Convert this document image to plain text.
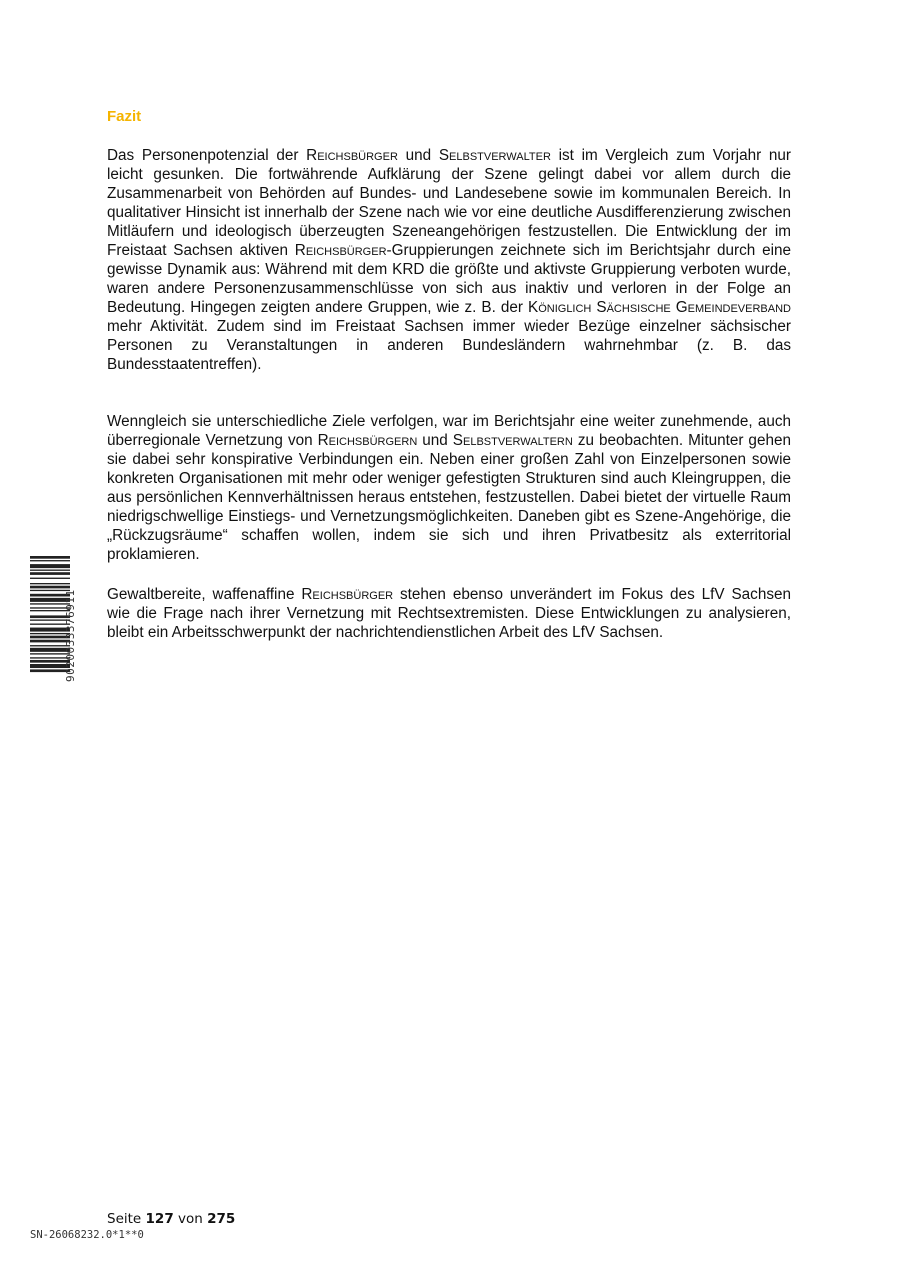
Fazit

Das Personenpotenzial der Reichsbürger und Selbstverwalter ist im Vergleich zum Vorjahr nur leicht gesunken. Die fortwährende Aufklärung der Szene gelingt dabei vor allem durch die Zusammenarbeit von Behörden auf Bundes- und Landesebene sowie im kommunalen Bereich. In qualitativer Hinsicht ist innerhalb der Szene nach wie vor eine deutliche Ausdifferenzierung zwischen Mitläufern und ideologisch überzeugten Szeneangehörigen festzustellen. Die Entwicklung der im Freistaat Sachsen aktiven Reichsbürger-Gruppierungen zeichnete sich im Berichtsjahr durch eine gewisse Dynamik aus: Während mit dem KRD die größte und aktivste Gruppierung verboten wurde, waren andere Personenzusammenschlüsse von sich aus inaktiv und verloren in der Folge an Bedeutung. Hingegen zeigten andere Gruppen, wie z. B. der Königlich Sächsische Gemeindeverband mehr Aktivität. Zudem sind im Freistaat Sachsen immer wieder Bezüge einzelner sächsischer Personen zu Veranstaltungen in anderen Bundesländern wahrnehmbar (z. B. das Bundesstaatentreffen).

Wenngleich sie unterschiedliche Ziele verfolgen, war im Berichtsjahr eine weiter zunehmende, auch überregionale Vernetzung von Reichsbürgern und Selbstverwaltern zu beobachten. Mitunter gehen sie dabei sehr konspirative Verbindungen ein. Neben einer großen Zahl von Einzelpersonen sowie konkreten Organisationen mit mehr oder weniger gefestigten Strukturen sind auch Kleingruppen, die aus persönlichen Kennverhältnissen heraus entstehen, festzustellen. Dabei bietet der virtuelle Raum niedrigschwellige Einstiegs- und Vernetzungsmöglichkeiten. Daneben gibt es Szene-Angehörige, die „Rückzugsräume“ schaffen wollen, indem sie sich und ihren Privatbesitz als exterritorial proklamieren.

Gewaltbereite, waffenaffine Reichsbürger stehen ebenso unverändert im Fokus des LfV Sachsen wie die Frage nach ihrer Vernetzung mit Rechtsextremisten. Diese Entwicklungen zu analysieren, bleibt ein Arbeitsschwerpunkt der nachrichtendienstlichen Arbeit des LfV Sachsen.

9020033376911
Seite 127 von 275
SN-26068232.0*1**0
